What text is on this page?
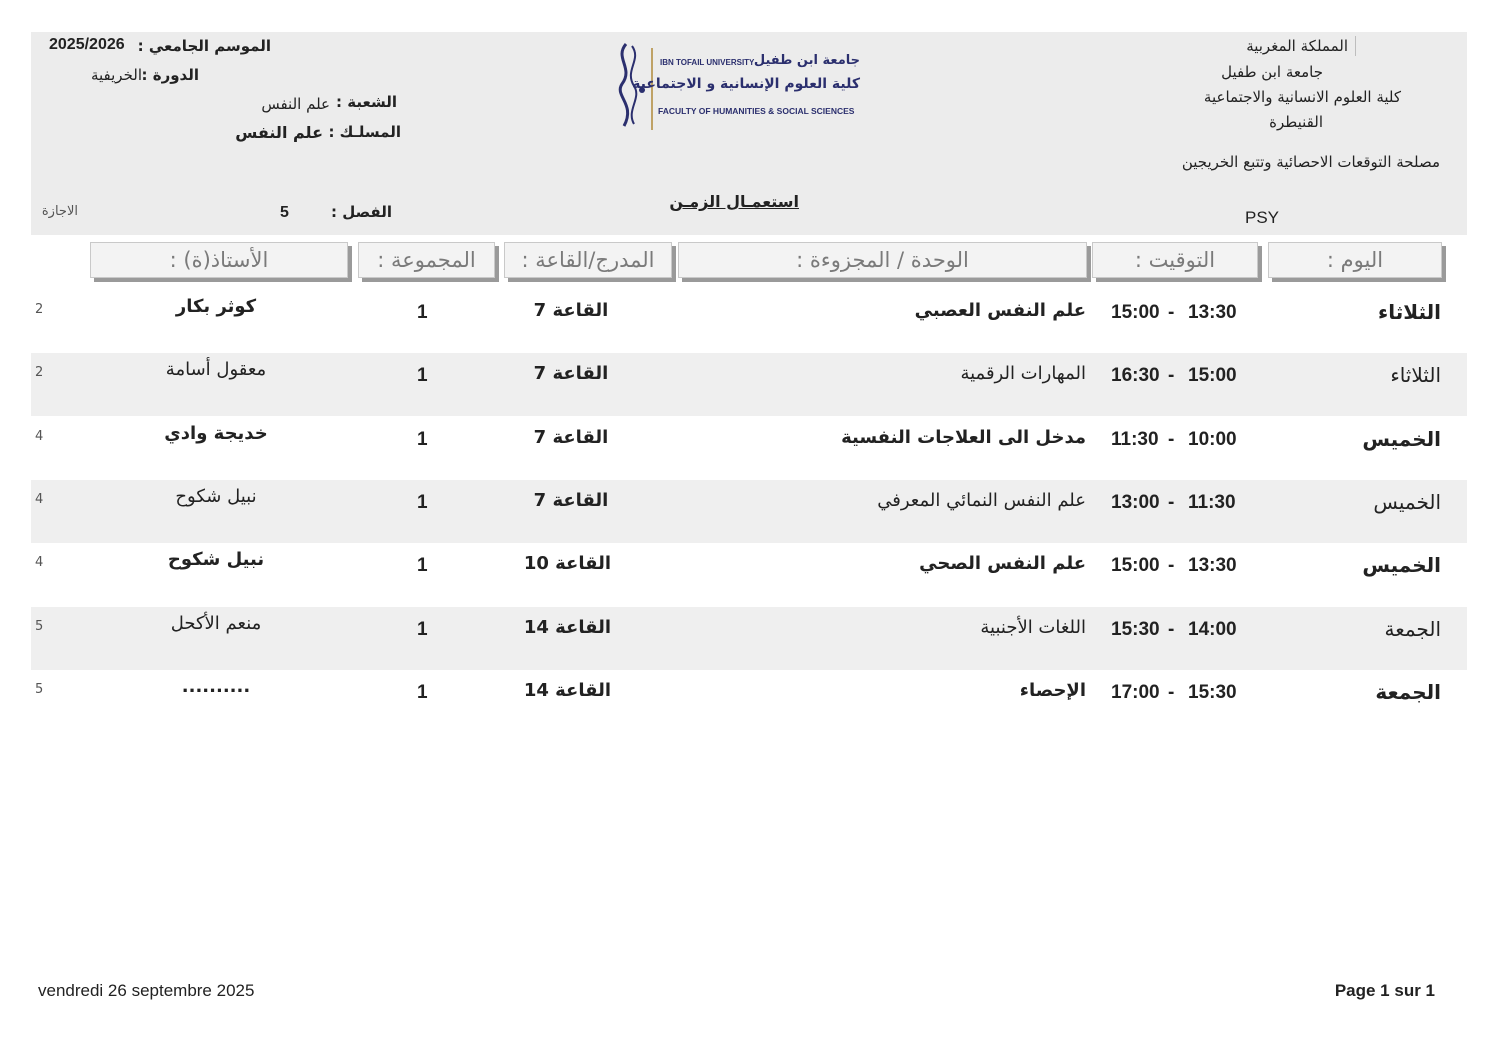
المملكة المغربية
جامعة ابن طفيل
كلية العلوم الانسانية والاجتماعية
القنيطرة
مصلحة التوقعات الاحصائية وتتبع الخريجين
PSY
IBN TOFAIL UNIVERSITY جامعة ابن طفيل
كلية العلوم الإنسانية و الاجتماعية
FACULTY OF HUMANITIES & SOCIAL SCIENCES
الموسم الجامعي :
2025/2026
الدورة :
الخريفية
الشعبة :
علم النفس
المسلـك :
علم النفس
استعمـال الزمـن
الفصل :
5
الاجازة
اليوم :
التوقيت :
الوحدة / المجزوءة :
المدرج/القاعة :
المجموعة :
الأستاذ(ة) :
الثلاثاء
13:30
-
15:00
علم النفس العصبي
القاعة 7
1
كوثر بكار
2
الثلاثاء
15:00
-
16:30
المهارات الرقمية
القاعة 7
1
معقول أسامة
2
الخميس
10:00
-
11:30
مدخل الى العلاجات النفسية
القاعة 7
1
خديجة وادي
4
الخميس
11:30
-
13:00
علم النفس النمائي المعرفي
القاعة 7
1
نبيل شكوح
4
الخميس
13:30
-
15:00
علم النفس الصحي
القاعة 10
1
نبيل شكوح
4
الجمعة
14:00
-
15:30
اللغات الأجنبية
القاعة 14
1
منعم الأكحل
5
الجمعة
15:30
-
17:00
الإحصاء
القاعة 14
1
..........
5
vendredi 26 septembre 2025	Page 1 sur 1
